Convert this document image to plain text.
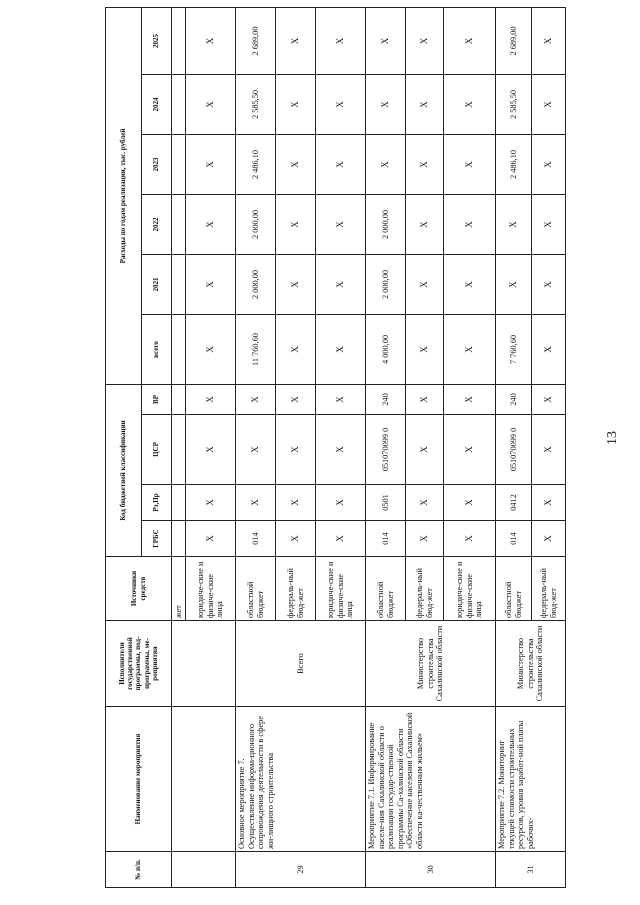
13
№ п/п.	Наименование мероприятия	Исполнители государственной программы, под-программы, ме-роприятия	Источники средств	Код бюджетной классификации				Расходы по годам реализации, тыс. рублей					
				ГРБС	Рз,Пр	ЦСР	ВР	всего	2021	2022	2023	2024	2025
			жет										
			юридиче-ские и физиче-ские лица	X	X	X	X	X	X	X	X	X	X
29	Основное мероприятие 7. Осуществление информа-ционного сопровождения деятельности в сфере жи-лищного строительства	Всего	областной бюджет	014	X	X	X	11 760,60	2 000,00	2 000,00	2 486,10	2 585,50	2 689,00
			федераль-ный бюд-жет	X	X	X	X	X	X	X	X	X	X
			юридиче-ские и физиче-ские лица	X	X	X	X	X	X	X	X	X	X
30	Мероприятие 7.1. Информирование населе-ния Сахалинской области о реализации государ-ственной программы Са-халинской области «Обеспечение населения Сахалинской области ка-чественным жильем»	Министерство строительства Сахалинской области	областной бюджет	014	0501	051070099 0	240	4 000,00	2 000,00	2 000,00	X	X	X
			федераль-ный бюд-жет	X	X	X	X	X	X	X	X	X	X
			юридиче-ские и физиче-ские лица	X	X	X	X	X	X	X	X	X	X
31	Мероприятие 7.2. Мониторинг текущей стоимости строительных ресурсов, уровня заработ-ной платы рабочих-	Министерство строительства Сахалинской области	областной бюджет	014	0412	051070099 0	240	7 760,60	X	X	2 486,10	2 585,50	2 689,00
			федераль-ный бюд-жет	X	X	X	X	X	X	X	X	X	X
